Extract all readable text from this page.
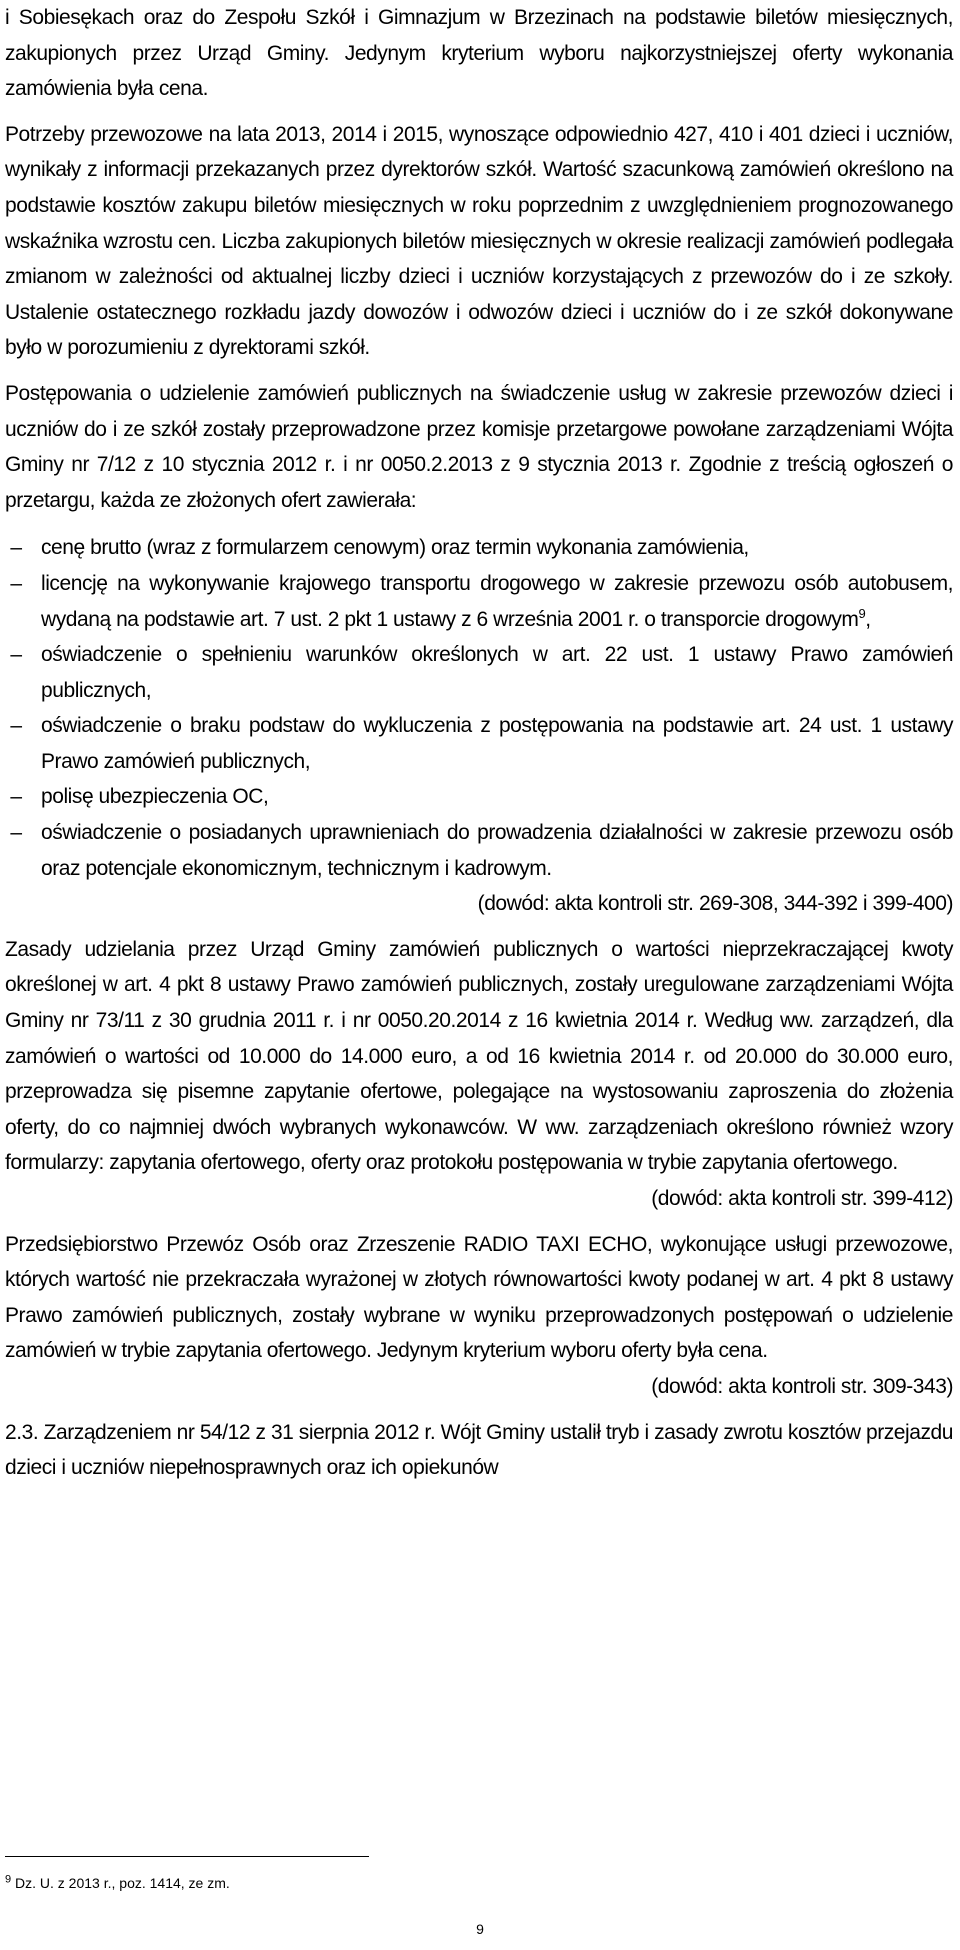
i Sobiesękach oraz do Zespołu Szkół i Gimnazjum w Brzezinach na podstawie biletów miesięcznych, zakupionych przez Urząd Gminy. Jedynym kryterium wyboru najkorzystniejszej oferty wykonania zamówienia była cena.

Potrzeby przewozowe na lata 2013, 2014 i 2015, wynoszące odpowiednio 427, 410 i 401 dzieci i uczniów, wynikały z informacji przekazanych przez dyrektorów szkół. Wartość szacunkową zamówień określono na podstawie kosztów zakupu biletów miesięcznych w roku poprzednim z uwzględnieniem prognozowanego wskaźnika wzrostu cen. Liczba zakupionych biletów miesięcznych w okresie realizacji zamówień podlegała zmianom w zależności od aktualnej liczby dzieci i uczniów korzystających z przewozów do i ze szkoły. Ustalenie ostatecznego rozkładu jazdy dowozów i odwozów dzieci i uczniów do i ze szkół dokonywane było w porozumieniu z dyrektorami szkół.

Postępowania o udzielenie zamówień publicznych na świadczenie usług w zakresie przewozów dzieci i uczniów do i ze szkół zostały przeprowadzone przez komisje przetargowe powołane zarządzeniami Wójta Gminy nr 7/12 z 10 stycznia 2012 r. i nr 0050.2.2013 z 9 stycznia 2013 r. Zgodnie z treścią ogłoszeń o przetargu, każda ze złożonych ofert zawierała:

– cenę brutto (wraz z formularzem cenowym) oraz termin wykonania zamówienia,
– licencję na wykonywanie krajowego transportu drogowego w zakresie przewozu osób autobusem, wydaną na podstawie art. 7 ust. 2 pkt 1 ustawy z 6 września 2001 r. o transporcie drogowym$^9$,
– oświadczenie o spełnieniu warunków określonych w art. 22 ust. 1 ustawy Prawo zamówień publicznych,
– oświadczenie o braku podstaw do wykluczenia z postępowania na podstawie art. 24 ust. 1 ustawy Prawo zamówień publicznych,
– polisę ubezpieczenia OC,
– oświadczenie o posiadanych uprawnieniach do prowadzenia działalności w zakresie przewozu osób oraz potencjale ekonomicznym, technicznym i kadrowym.

(dowód: akta kontroli str. 269-308, 344-392 i 399-400)

Zasady udzielania przez Urząd Gminy zamówień publicznych o wartości nieprzekraczającej kwoty określonej w art. 4 pkt 8 ustawy Prawo zamówień publicznych, zostały uregulowane zarządzeniami Wójta Gminy nr 73/11 z 30 grudnia 2011 r. i nr 0050.20.2014 z 16 kwietnia 2014 r. Według ww. zarządzeń, dla zamówień o wartości od 10.000 do 14.000 euro, a od 16 kwietnia 2014 r. od 20.000 do 30.000 euro, przeprowadza się pisemne zapytanie ofertowe, polegające na wystosowaniu zaproszenia do złożenia oferty, do co najmniej dwóch wybranych wykonawców. W ww. zarządzeniach określono również wzory formularzy: zapytania ofertowego, oferty oraz protokołu postępowania w trybie zapytania ofertowego.

(dowód: akta kontroli str. 399-412)

Przedsiębiorstwo Przewóz Osób oraz Zrzeszenie RADIO TAXI ECHO, wykonujące usługi przewozowe, których wartość nie przekraczała wyrażonej w złotych równowartości kwoty podanej w art. 4 pkt 8 ustawy Prawo zamówień publicznych, zostały wybrane w wyniku przeprowadzonych postępowań o udzielenie zamówień w trybie zapytania ofertowego. Jedynym kryterium wyboru oferty była cena.

(dowód: akta kontroli str. 309-343)

2.3. Zarządzeniem nr 54/12 z 31 sierpnia 2012 r. Wójt Gminy ustalił tryb i zasady zwrotu kosztów przejazdu dzieci i uczniów niepełnosprawnych oraz ich opiekunów

$^9$ Dz. U. z 2013 r., poz. 1414, ze zm.
9
